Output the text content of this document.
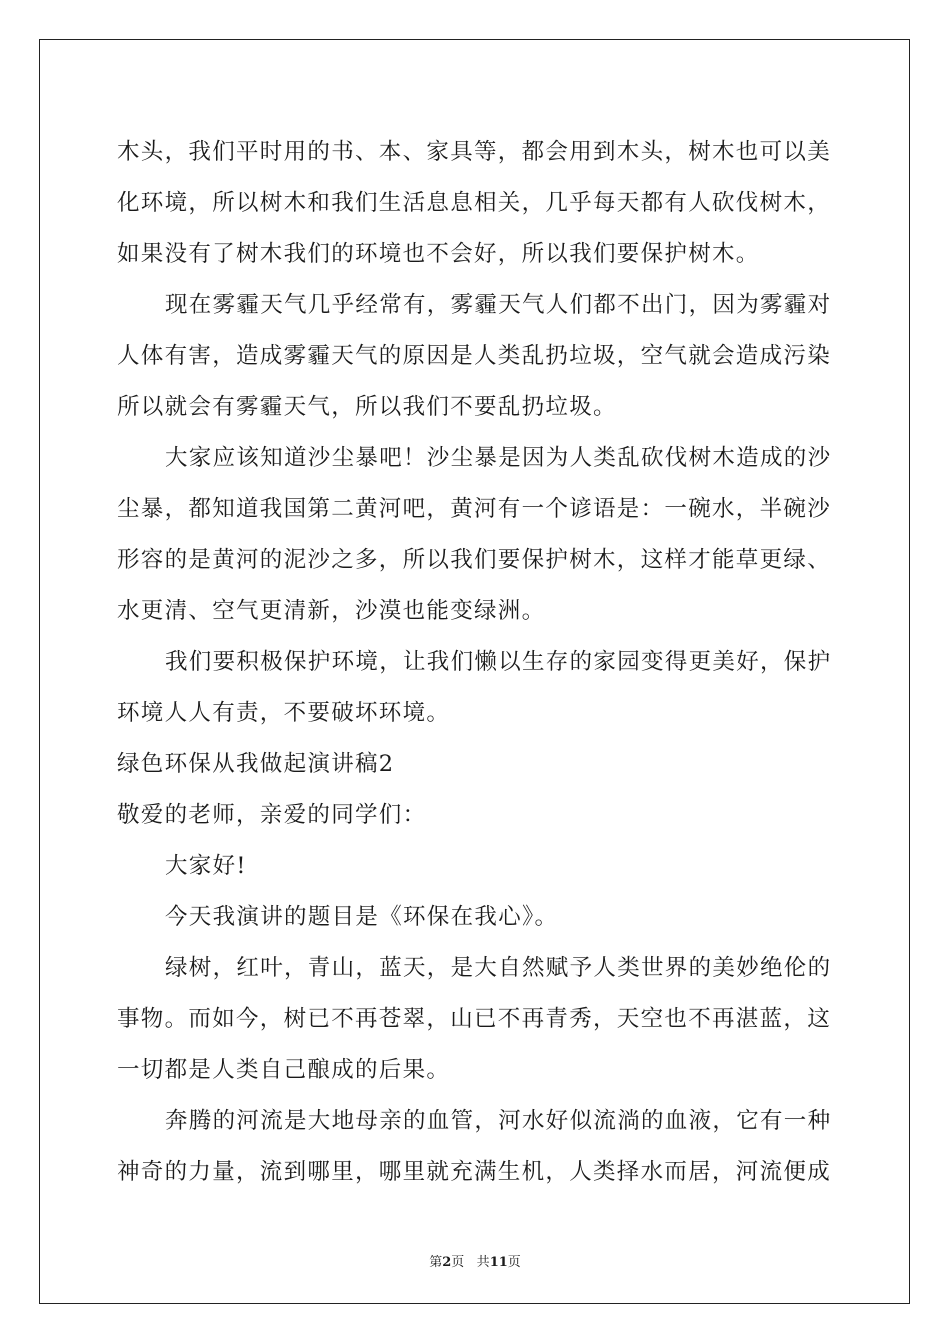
木头，我们平时用的书、本、家具等，都会用到木头，树木也可以美
化环境，所以树木和我们生活息息相关，几乎每天都有人砍伐树木，
如果没有了树木我们的环境也不会好，所以我们要保护树木。
现在雾霾天气几乎经常有，雾霾天气人们都不出门，因为雾霾对
人体有害，造成雾霾天气的原因是人类乱扔垃圾，空气就会造成污染
所以就会有雾霾天气，所以我们不要乱扔垃圾。
大家应该知道沙尘暴吧！沙尘暴是因为人类乱砍伐树木造成的沙
尘暴，都知道我国第二黄河吧，黄河有一个谚语是：一碗水，半碗沙
形容的是黄河的泥沙之多，所以我们要保护树木，这样才能草更绿、
水更清、空气更清新，沙漠也能变绿洲。
我们要积极保护环境，让我们懒以生存的家园变得更美好，保护
环境人人有责，不要破坏环境。
绿色环保从我做起演讲稿2
敬爱的老师，亲爱的同学们：
大家好!
今天我演讲的题目是《环保在我心》。
绿树，红叶，青山，蓝天，是大自然赋予人类世界的美妙绝伦的
事物。而如今，树已不再苍翠，山已不再青秀，天空也不再湛蓝，这
一切都是人类自己酿成的后果。
奔腾的河流是大地母亲的血管，河水好似流淌的血液，它有一种
神奇的力量，流到哪里，哪里就充满生机，人类择水而居，河流便成
第2页 共11页
